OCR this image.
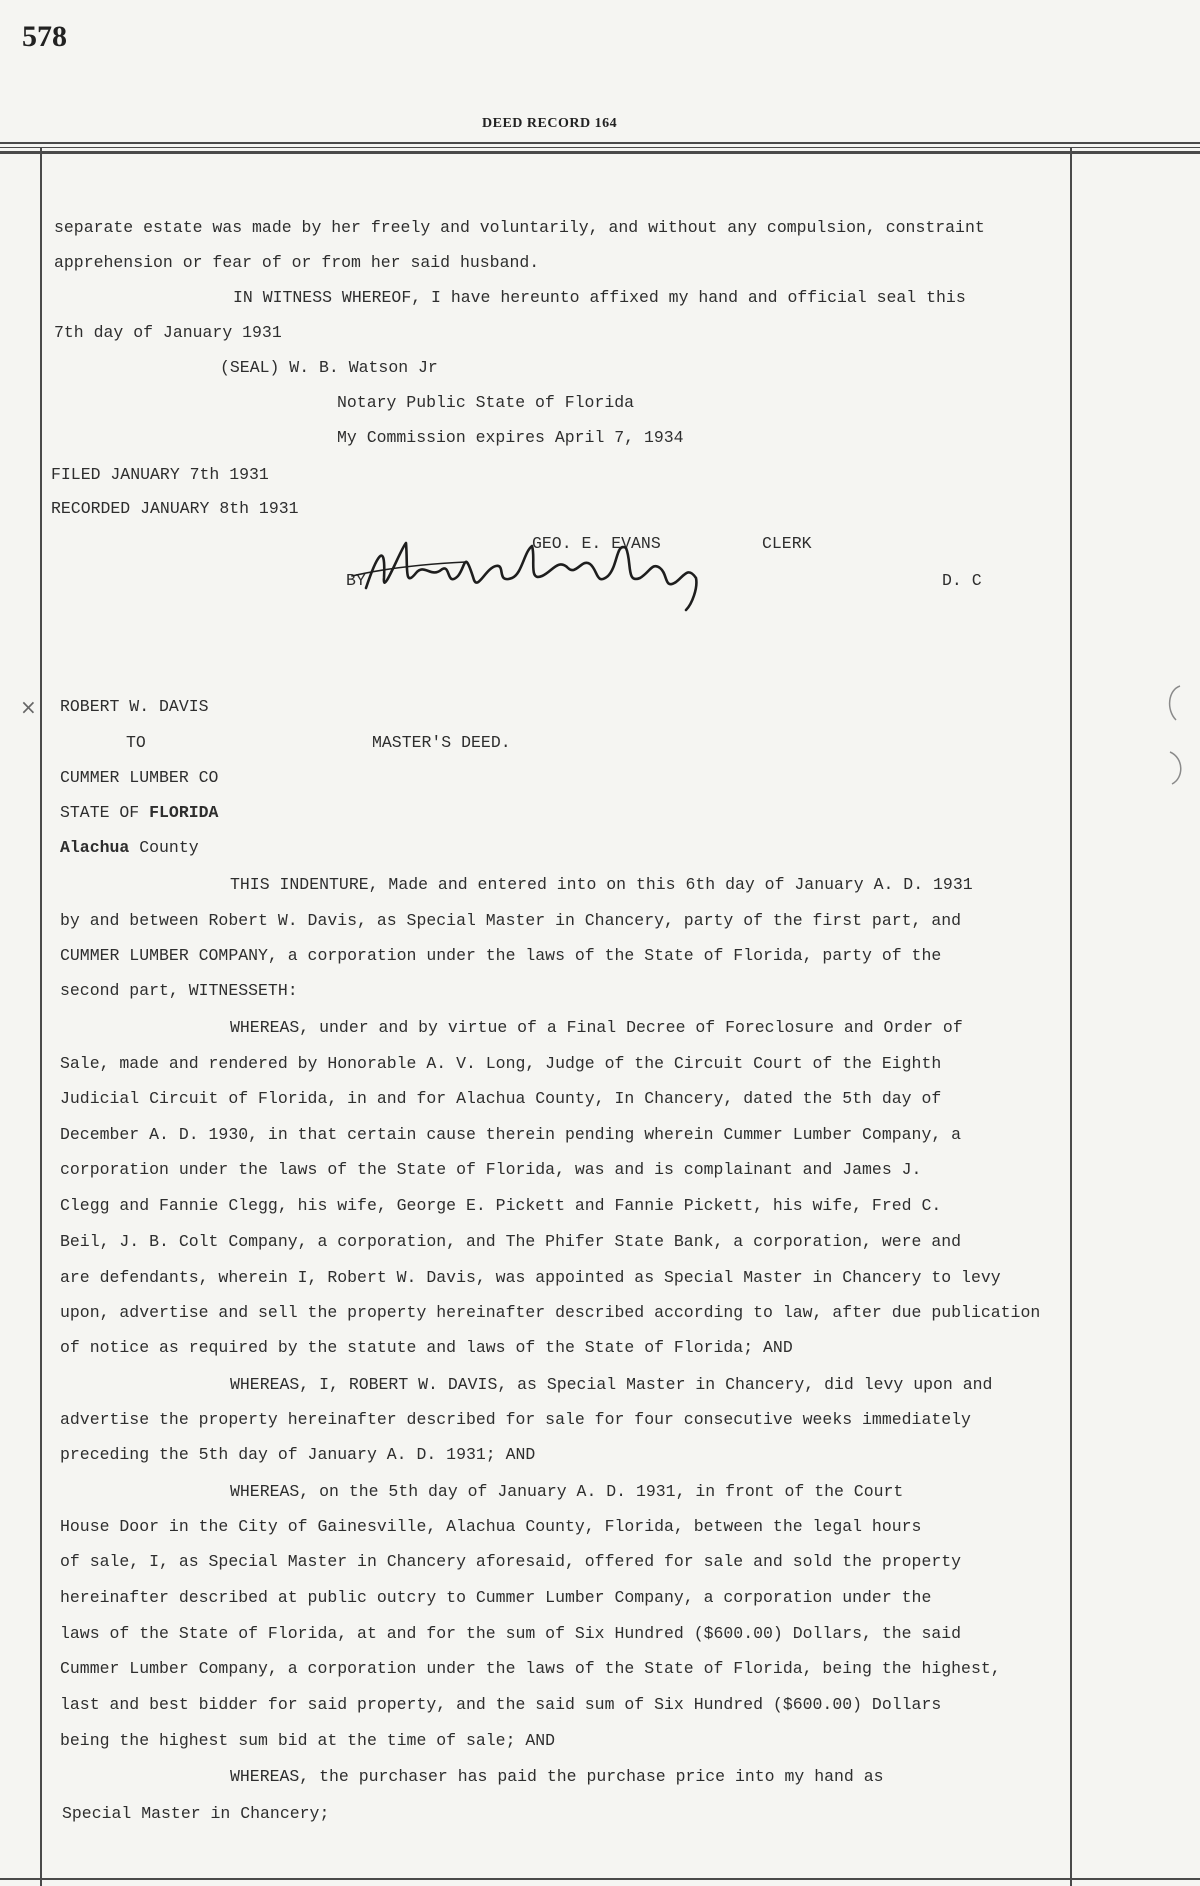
578
DEED RECORD 164
separate estate was made by her freely and voluntarily, and without any compulsion, constraint
apprehension or fear of or from her said husband.
IN WITNESS WHEREOF, I have hereunto affixed my hand and official seal this
7th day of January 1931
(SEAL) W. B. Watson Jr
Notary Public State of Florida
My Commission expires April 7, 1934
FILED JANUARY 7th 1931
RECORDED JANUARY 8th 1931
GEO. E. EVANS	CLERK
BY	D. C
× ROBERT W. DAVIS
TO	MASTER'S DEED.
CUMMER LUMBER CO
STATE OF FLORIDA
Alachua County
THIS INDENTURE, Made and entered into on this 6th day of January A. D. 1931
by and between Robert W. Davis, as Special Master in Chancery, party of the first part, and
CUMMER LUMBER COMPANY, a corporation under the laws of the State of Florida, party of the
second part, WITNESSETH:
WHEREAS, under and by virtue of a Final Decree of Foreclosure and Order of
Sale, made and rendered by Honorable A. V. Long, Judge of the Circuit Court of the Eighth
Judicial Circuit of Florida, in and for Alachua County, In Chancery, dated the 5th day of
December A. D. 1930, in that certain cause therein pending wherein Cummer Lumber Company, a
corporation under the laws of the State of Florida, was and is complainant and James J.
Clegg and Fannie Clegg, his wife, George E. Pickett and Fannie Pickett, his wife, Fred C.
Beil, J. B. Colt Company, a corporation, and The Phifer State Bank, a corporation, were and
are defendants, wherein I, Robert W. Davis, was appointed as Special Master in Chancery to levy
upon, advertise and sell the property hereinafter described according to law, after due publication
of notice as required by the statute and laws of the State of Florida; AND
WHEREAS, I, ROBERT W. DAVIS, as Special Master in Chancery, did levy upon and
advertise the property hereinafter described for sale for four consecutive weeks immediately
preceding the 5th day of January A. D. 1931; AND
WHEREAS, on the 5th day of January A. D. 1931, in front of the Court
House Door in the City of Gainesville, Alachua County, Florida, between the legal hours
of sale, I, as Special Master in Chancery aforesaid, offered for sale and sold the property
hereinafter described at public outcry to Cummer Lumber Company, a corporation under the
laws of the State of Florida, at and for the sum of Six Hundred ($600.00) Dollars, the said
Cummer Lumber Company, a corporation under the laws of the State of Florida, being the highest,
last and best bidder for said property, and the said sum of Six Hundred ($600.00) Dollars
being the highest sum bid at the time of sale; AND
WHEREAS, the purchaser has paid the purchase price into my hand as
Special Master in Chancery;
